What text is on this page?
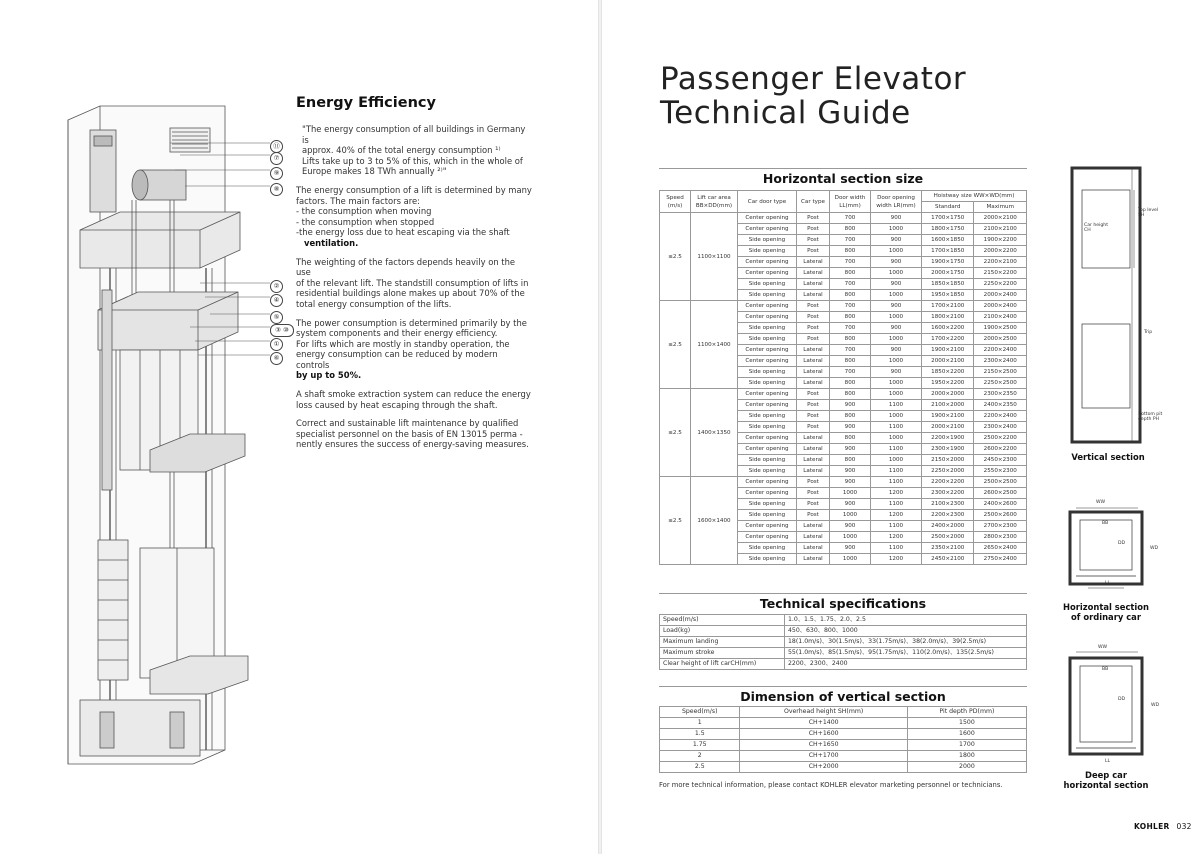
⑪
⑦
⑨
⑧
②
④
⑤
③ ⑩
①
⑥
Energy Efficiency

"The energy consumption of all buildings in Germany is
approx. 40% of the total energy consumption ¹⁾
Lifts take up to 3 to 5% of this, which in the whole of
Europe makes 18 TWh annually ²⁾"

The energy consumption of a lift is determined by many
factors. The main factors are:
- the consumption when moving
- the consumption when stopped
-the energy loss due to heat escaping via the shaft
ventilation.

The weighting of the factors depends heavily on the use
of the relevant lift. The standstill consumption of lifts in
residential buildings alone makes up about 70% of the
total energy consumption of the lifts.

The power consumption is determined primarily by the
system components and their energy efficiency.
For lifts which are mostly in standby operation, the
energy consumption can be reduced by modern controls
by up to 50%.

A shaft smoke extraction system can reduce the energy
loss caused by heat escaping through the shaft.

Correct and sustainable lift maintenance by qualified
specialist personnel on the basis of EN 13015 perma -
nently ensures the success of energy-saving measures.

Passenger Elevator
Technical Guide
Horizontal section size
Speed (m/s)	Lift car area BB×DD(mm)	Car door type	Car type	Door width LL(mm)	Door opening width LR(mm)	Hoistway size WW×WD(mm)	
						Standard	Maximum
≤2.5	1100×1100	Center opening	Post	700	900	1700×1750	2000×2100
		Center opening	Post	800	1000	1800×1750	2100×2100
		Side opening	Post	700	900	1600×1850	1900×2200
		Side opening	Post	800	1000	1700×1850	2000×2200
		Center opening	Lateral	700	900	1900×1750	2200×2100
		Center opening	Lateral	800	1000	2000×1750	2150×2200
		Side opening	Lateral	700	900	1850×1850	2250×2200
		Side opening	Lateral	800	1000	1950×1850	2000×2400
≤2.5	1100×1400	Center opening	Post	700	900	1700×2100	2000×2400
		Center opening	Post	800	1000	1800×2100	2100×2400
		Side opening	Post	700	900	1600×2200	1900×2500
		Side opening	Post	800	1000	1700×2200	2000×2500
		Center opening	Lateral	700	900	1900×2100	2200×2400
		Center opening	Lateral	800	1000	2000×2100	2300×2400
		Side opening	Lateral	700	900	1850×2200	2150×2500
		Side opening	Lateral	800	1000	1950×2200	2250×2500
≤2.5	1400×1350	Center opening	Post	800	1000	2000×2000	2300×2350
		Center opening	Post	900	1100	2100×2000	2400×2350
		Side opening	Post	800	1000	1900×2100	2200×2400
		Side opening	Post	900	1100	2000×2100	2300×2400
		Center opening	Lateral	800	1000	2200×1900	2500×2200
		Center opening	Lateral	900	1100	2300×1900	2600×2200
		Side opening	Lateral	800	1000	2150×2000	2450×2300
		Side opening	Lateral	900	1100	2250×2000	2550×2300
≤2.5	1600×1400	Center opening	Post	900	1100	2200×2200	2500×2500
		Center opening	Post	1000	1200	2300×2200	2600×2500
		Side opening	Post	900	1100	2100×2300	2400×2600
		Side opening	Post	1000	1200	2200×2300	2500×2600
		Center opening	Lateral	900	1100	2400×2000	2700×2300
		Center opening	Lateral	1000	1200	2500×2000	2800×2300
		Side opening	Lateral	900	1100	2350×2100	2650×2400
		Side opening	Lateral	1000	1200	2450×2100	2750×2400
Technical specifications
Speed(m/s)	1.0、1.5、1.75、2.0、2.5
Load(kg)	450、630、800、1000
Maximum landing	18(1.0m/s)、30(1.5m/s)、33(1.75m/s)、38(2.0m/s)、39(2.5m/s)
Maximum stroke	55(1.0m/s)、85(1.5m/s)、95(1.75m/s)、110(2.0m/s)、135(2.5m/s)
Clear height of lift carCH(mm)	2200、2300、2400
Dimension of vertical section
Speed(m/s)	Overhead height SH(mm)	Pit depth PD(mm)
1	CH+1400	1500
1.5	CH+1600	1600
1.75	CH+1650	1700
2	CH+1700	1800
2.5	CH+2000	2000
For more technical information, please contact KOHLER elevator marketing personnel or technicians.
Car height CH
Top level SH
Trip
Bottom pit depth PH
Vertical section
WW
BB
DD
WD
LL
Horizontal section
of ordinary car
WW
BB
DD
WD
LL
Deep car
horizontal section
KOHLER 032
